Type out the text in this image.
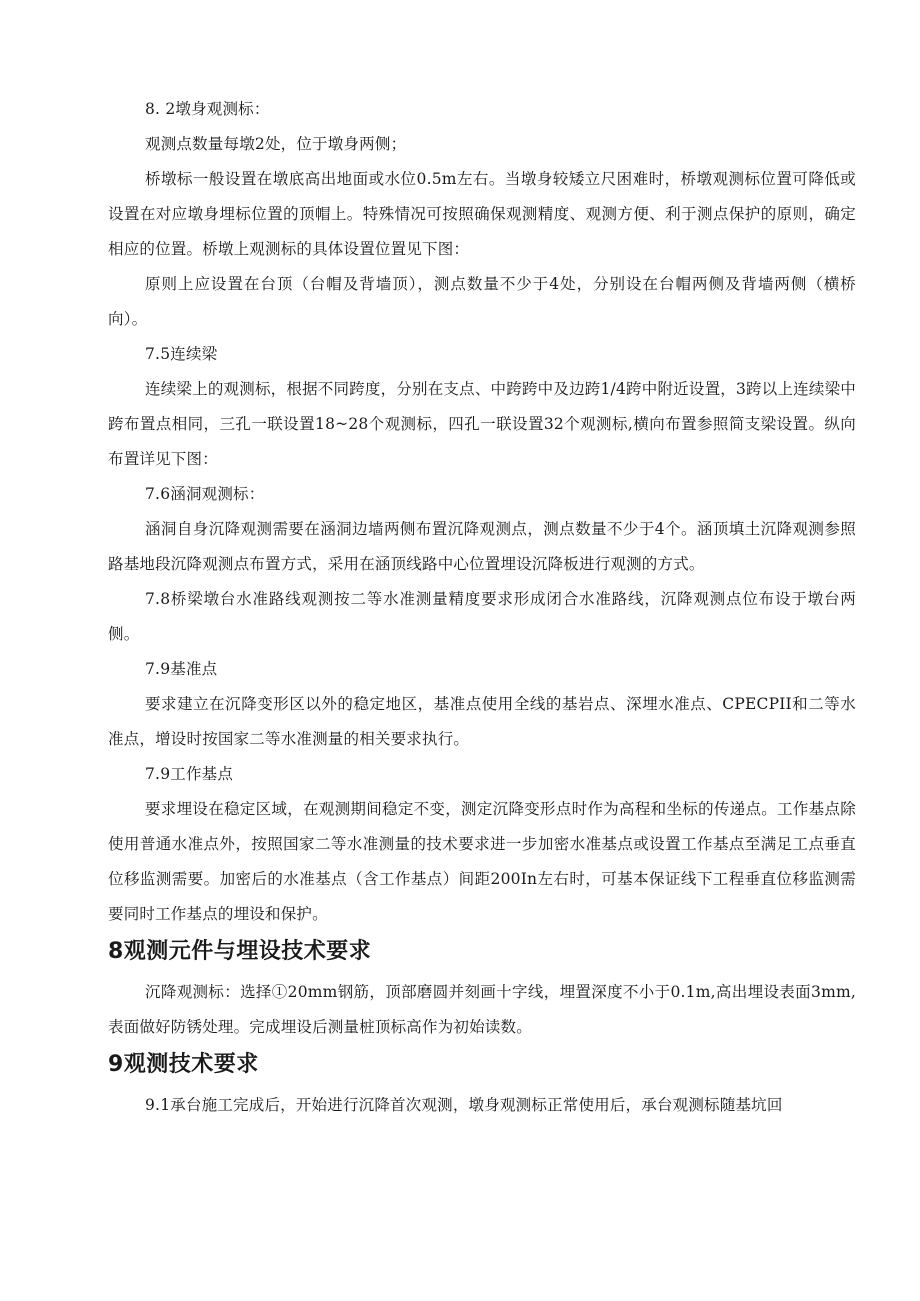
8. 2墩身观测标：

观测点数量每墩2处，位于墩身两侧；

桥墩标一般设置在墩底高出地面或水位0.5m左右。当墩身较矮立尺困难时，桥墩观测标位置可降低或设置在对应墩身埋标位置的顶帽上。特殊情况可按照确保观测精度、观测方便、利于测点保护的原则，确定相应的位置。桥墩上观测标的具体设置位置见下图：

原则上应设置在台顶（台帽及背墙顶），测点数量不少于4处，分别设在台帽两侧及背墙两侧（横桥向）。

7.5连续梁

连续梁上的观测标，根据不同跨度，分别在支点、中跨跨中及边跨1/4跨中附近设置，3跨以上连续梁中跨布置点相同，三孔一联设置18~28个观测标，四孔一联设置32个观测标,横向布置参照简支梁设置。纵向布置详见下图：

7.6涵洞观测标：

涵洞自身沉降观测需要在涵洞边墙两侧布置沉降观测点，测点数量不少于4个。涵顶填土沉降观测参照路基地段沉降观测点布置方式，采用在涵顶线路中心位置埋设沉降板进行观测的方式。

7.8桥梁墩台水准路线观测按二等水准测量精度要求形成闭合水准路线，沉降观测点位布设于墩台两侧。

7.9基准点

要求建立在沉降变形区以外的稳定地区，基准点使用全线的基岩点、深埋水准点、CPECPII和二等水准点，增设时按国家二等水准测量的相关要求执行。

7.9工作基点

要求埋设在稳定区域，在观测期间稳定不变，测定沉降变形点时作为高程和坐标的传递点。工作基点除使用普通水准点外，按照国家二等水准测量的技术要求进一步加密水准基点或设置工作基点至满足工点垂直位移监测需要。加密后的水准基点（含工作基点）间距200In左右时，可基本保证线下工程垂直位移监测需要同时工作基点的埋设和保护。

8观测元件与埋设技术要求

沉降观测标：选择①20mm钢筋，顶部磨圆并刻画十字线，埋置深度不小于0.1m,高出埋设表面3mm,表面做好防锈处理。完成埋设后测量桩顶标高作为初始读数。

9观测技术要求

9.1承台施工完成后，开始进行沉降首次观测，墩身观测标正常使用后，承台观测标随基坑回
